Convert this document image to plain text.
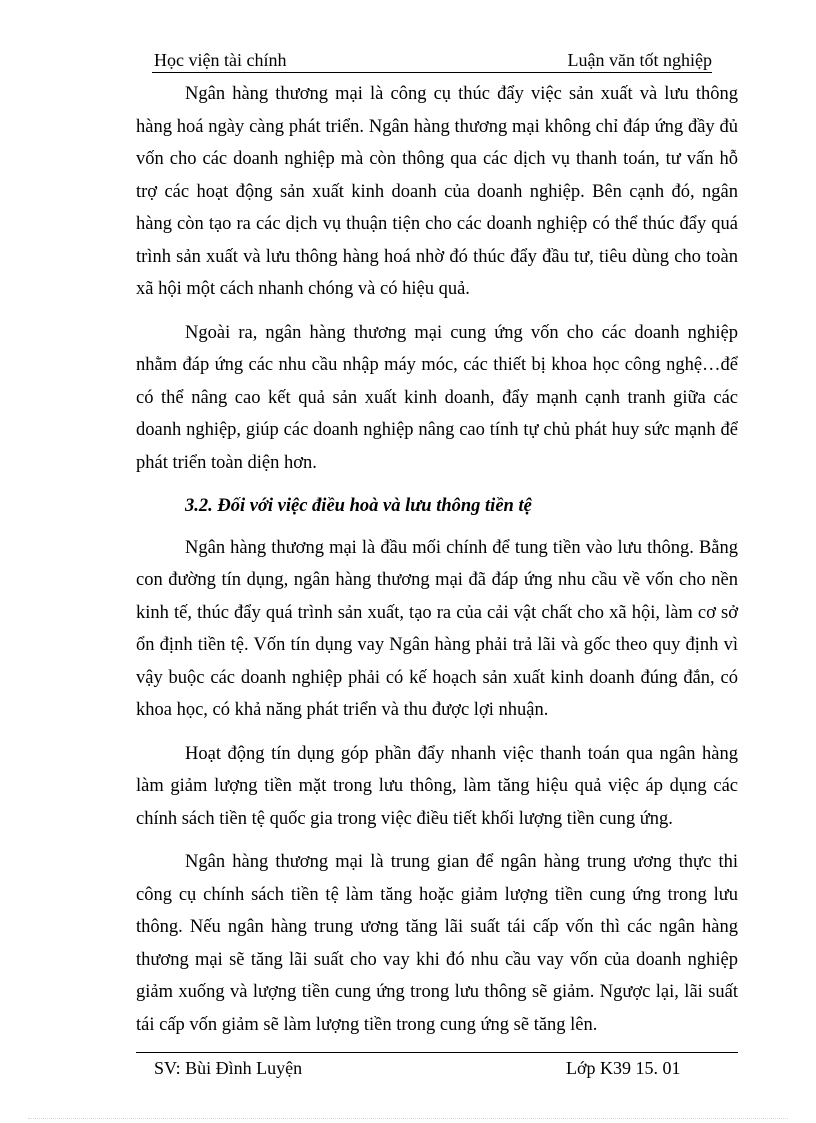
Học viện tài chính	Luận văn tốt nghiệp

Ngân hàng thương mại là công cụ thúc đẩy việc sản xuất và lưu thông hàng hoá ngày càng phát triển. Ngân hàng thương mại không chỉ đáp ứng đầy đủ vốn cho các doanh nghiệp mà còn thông qua các dịch vụ thanh toán, tư vấn hỗ trợ các hoạt động sản xuất kinh doanh của doanh nghiệp. Bên cạnh đó, ngân hàng còn tạo ra các dịch vụ thuận tiện cho các doanh nghiệp có thể thúc đẩy quá trình sản xuất và lưu thông hàng hoá nhờ đó thúc đẩy đầu tư, tiêu dùng cho toàn xã hội một cách nhanh chóng và có hiệu quả.

Ngoài ra, ngân hàng thương mại cung ứng vốn cho các doanh nghiệp nhằm đáp ứng các nhu cầu nhập máy móc, các thiết bị khoa học công nghệ…để có thể nâng cao kết quả sản xuất kinh doanh, đẩy mạnh cạnh tranh giữa các doanh nghiệp, giúp các doanh nghiệp nâng cao tính tự chủ phát huy sức mạnh để phát triển toàn diện hơn.

3.2. Đối với việc điều hoà và lưu thông tiền tệ

Ngân hàng thương mại là đầu mối chính để tung tiền vào lưu thông. Bằng con đường tín dụng, ngân hàng thương mại đã đáp ứng nhu cầu về vốn cho nền kinh tế, thúc đẩy quá trình sản xuất, tạo ra của cải vật chất cho xã hội, làm cơ sở ổn định tiền tệ. Vốn tín dụng vay Ngân hàng phải trả lãi và gốc theo quy định vì vậy buộc các doanh nghiệp phải có kế hoạch sản xuất kinh doanh đúng đắn, có khoa học, có khả năng phát triển và thu được lợi nhuận.

Hoạt động tín dụng góp phần đẩy nhanh việc thanh toán qua ngân hàng làm giảm lượng tiền mặt trong lưu thông, làm tăng hiệu quả việc áp dụng các chính sách tiền tệ quốc gia trong việc điều tiết khối lượng tiền cung ứng.

Ngân hàng thương mại là trung gian để ngân hàng trung ương thực thi công cụ chính sách tiền tệ làm tăng hoặc giảm lượng tiền cung ứng trong lưu thông. Nếu ngân hàng trung ương tăng lãi suất tái cấp vốn thì các ngân hàng thương mại sẽ tăng lãi suất cho vay khi đó nhu cầu vay vốn của doanh nghiệp giảm xuống và lượng tiền cung ứng trong lưu thông sẽ giảm. Ngược lại, lãi suất tái cấp vốn giảm sẽ làm lượng tiền trong cung ứng sẽ tăng lên.

SV: Bùi Đình Luyện	Lớp K39 15. 01
